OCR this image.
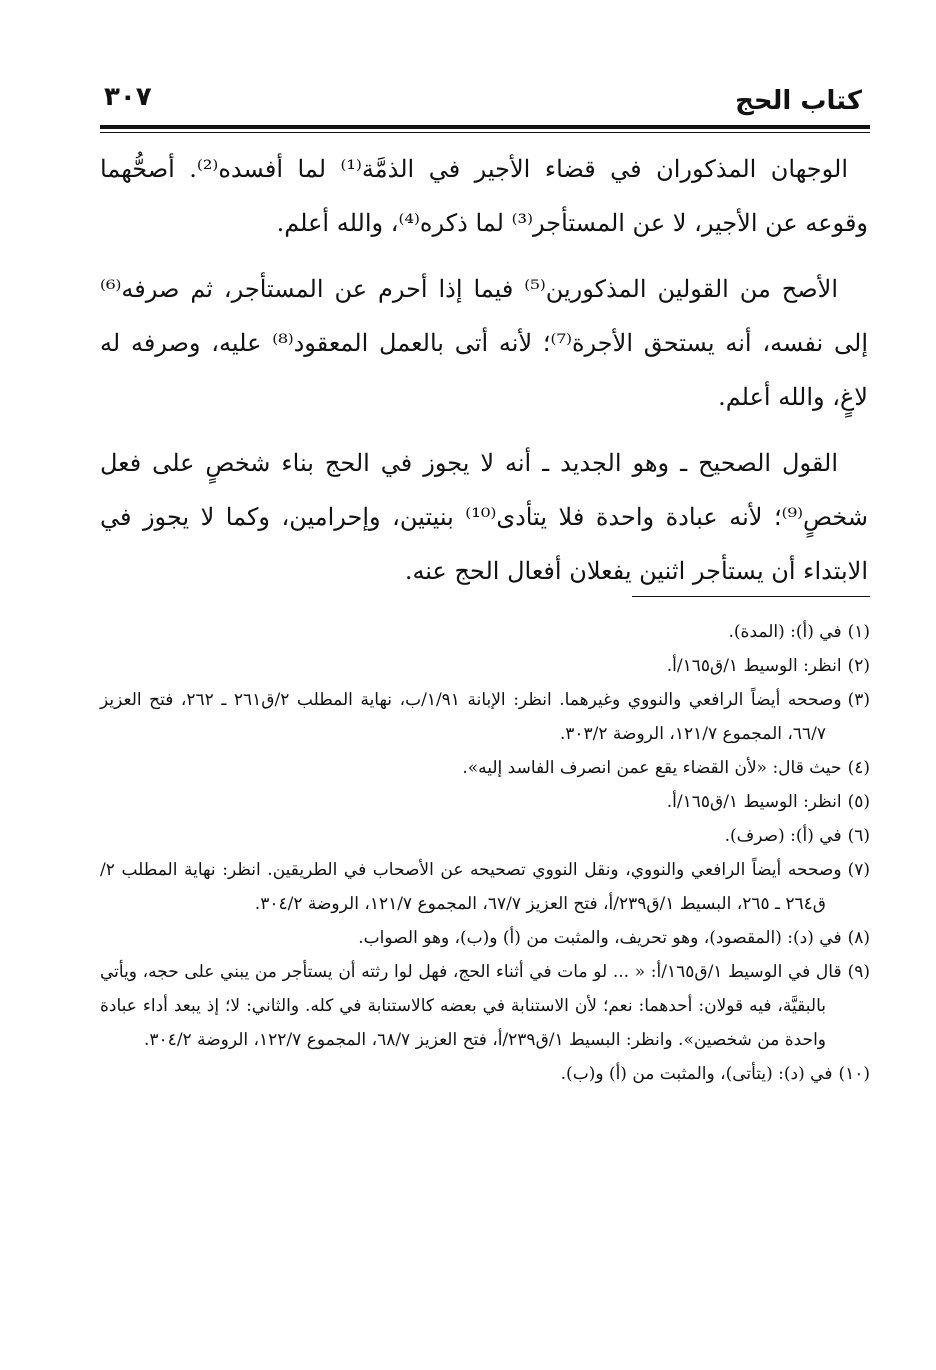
كتاب الحج
٣٠٧

الوجهان المذكوران في قضاء الأجير في الذمَّة⁽¹⁾ لما أفسده⁽²⁾. أصحُّهما وقوعه عن الأجير، لا عن المستأجر⁽³⁾ لما ذكره⁽⁴⁾، والله أعلم.

الأصح من القولين المذكورين⁽⁵⁾ فيما إذا أحرم عن المستأجر، ثم صرفه⁽⁶⁾ إلى نفسه، أنه يستحق الأجرة⁽⁷⁾؛ لأنه أتى بالعمل المعقود⁽⁸⁾ عليه، وصرفه له لاغٍ، والله أعلم.

القول الصحيح ـ وهو الجديد ـ أنه لا يجوز في الحج بناء شخصٍ على فعل شخصٍ⁽⁹⁾؛ لأنه عبادة واحدة فلا يتأدى⁽¹⁰⁾ بنيتين، وإحرامين، وكما لا يجوز في الابتداء أن يستأجر اثنين يفعلان أفعال الحج عنه.

(١)في (أ): (المدة).
(٢)انظر: الوسيط ١/ق١٦٥/أ.
(٣)وصححه أيضاً الرافعي والنووي وغيرهما. انظر: الإبانة ١/٩١/ب، نهاية المطلب ٢/ق٢٦١ ـ ٢٦٢، فتح العزيز ٦٦/٧، المجموع ١٢١/٧، الروضة ٣٠٣/٢.
(٤)حيث قال: «لأن القضاء يقع عمن انصرف الفاسد إليه».
(٥)انظر: الوسيط ١/ق١٦٥/أ.
(٦)في (أ): (صرف).
(٧)وصححه أيضاً الرافعي والنووي، ونقل النووي تصحيحه عن الأصحاب في الطريقين. انظر: نهاية المطلب ٢/ق٢٦٤ ـ ٢٦٥، البسيط ١/ق٢٣٩/أ، فتح العزيز ٦٧/٧، المجموع ١٢١/٧، الروضة ٣٠٤/٢.
(٨)في (د): (المقصود)، وهو تحريف، والمثبت من (أ) و(ب)، وهو الصواب.
(٩)قال في الوسيط ١/ق١٦٥/أ: « ... لو مات في أثناء الحج، فهل لوا رثته أن يستأجر من يبني على حجه، ويأتي بالبقيَّة، فيه قولان: أحدهما: نعم؛ لأن الاستنابة في بعضه كالاستنابة في كله. والثاني: لا؛ إذ يبعد أداء عبادة واحدة من شخصين». وانظر: البسيط ١/ق٢٣٩/أ، فتح العزيز ٦٨/٧، المجموع ١٢٢/٧، الروضة ٣٠٤/٢.
(١٠)في (د): (يتأتى)، والمثبت من (أ) و(ب).
